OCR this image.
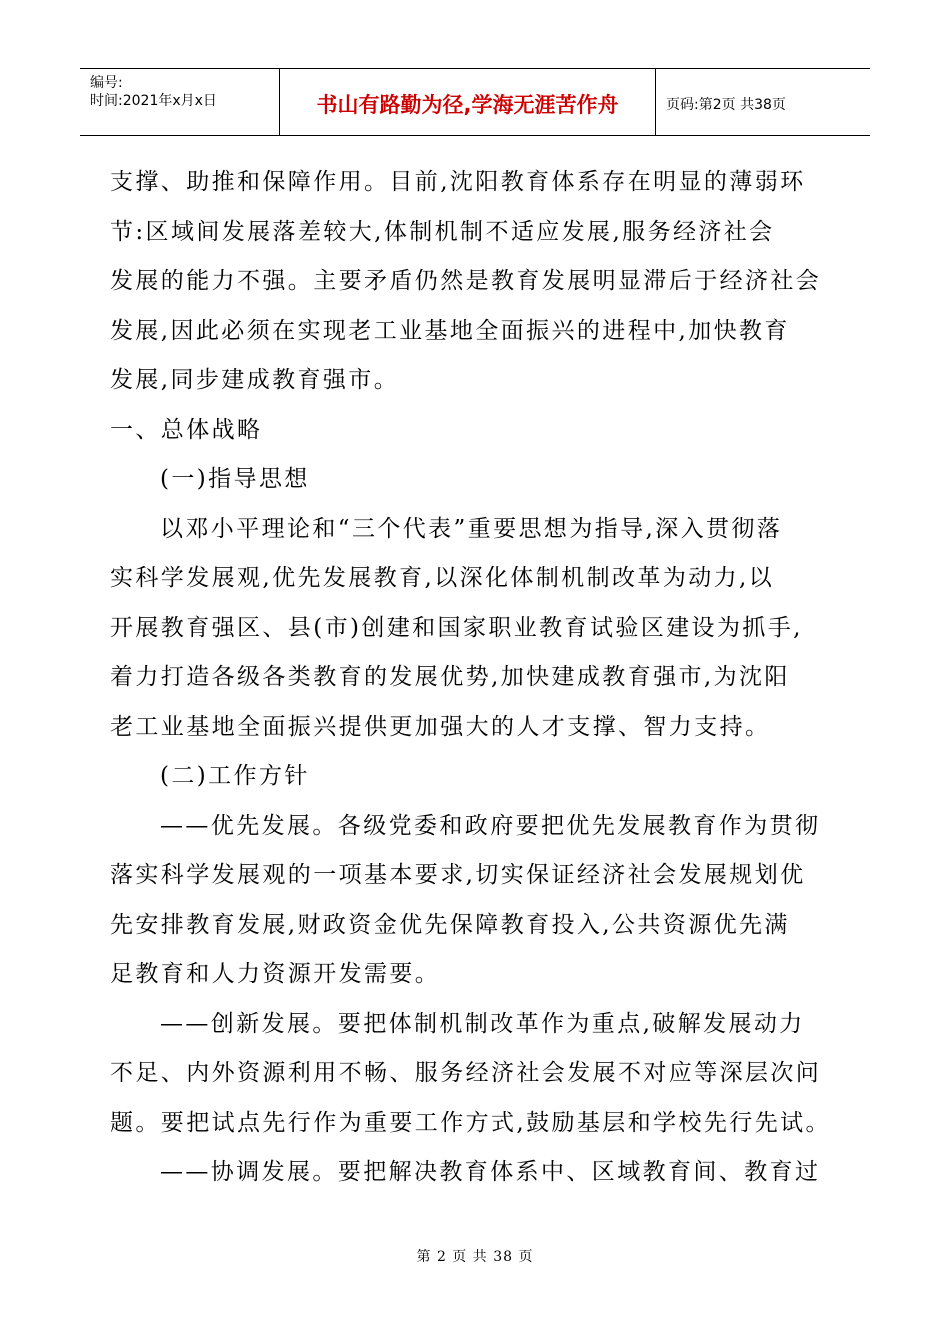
编号:
时间:2021年x月x日	书山有路勤为径,学海无涯苦作舟	页码:第2页 共38页

支撑、助推和保障作用。目前,沈阳教育体系存在明显的薄弱环

节:区域间发展落差较大,体制机制不适应发展,服务经济社会

发展的能力不强。主要矛盾仍然是教育发展明显滞后于经济社会

发展,因此必须在实现老工业基地全面振兴的进程中,加快教育

发展,同步建成教育强市。

一、总体战略

(一)指导思想

以邓小平理论和“三个代表”重要思想为指导,深入贯彻落

实科学发展观,优先发展教育,以深化体制机制改革为动力,以

开展教育强区、县(市)创建和国家职业教育试验区建设为抓手,

着力打造各级各类教育的发展优势,加快建成教育强市,为沈阳

老工业基地全面振兴提供更加强大的人才支撑、智力支持。

(二)工作方针

——优先发展。各级党委和政府要把优先发展教育作为贯彻

落实科学发展观的一项基本要求,切实保证经济社会发展规划优

先安排教育发展,财政资金优先保障教育投入,公共资源优先满

足教育和人力资源开发需要。

——创新发展。要把体制机制改革作为重点,破解发展动力

不足、内外资源利用不畅、服务经济社会发展不对应等深层次问

题。要把试点先行作为重要工作方式,鼓励基层和学校先行先试。

——协调发展。要把解决教育体系中、区域教育间、教育过

第 2 页 共 38 页
